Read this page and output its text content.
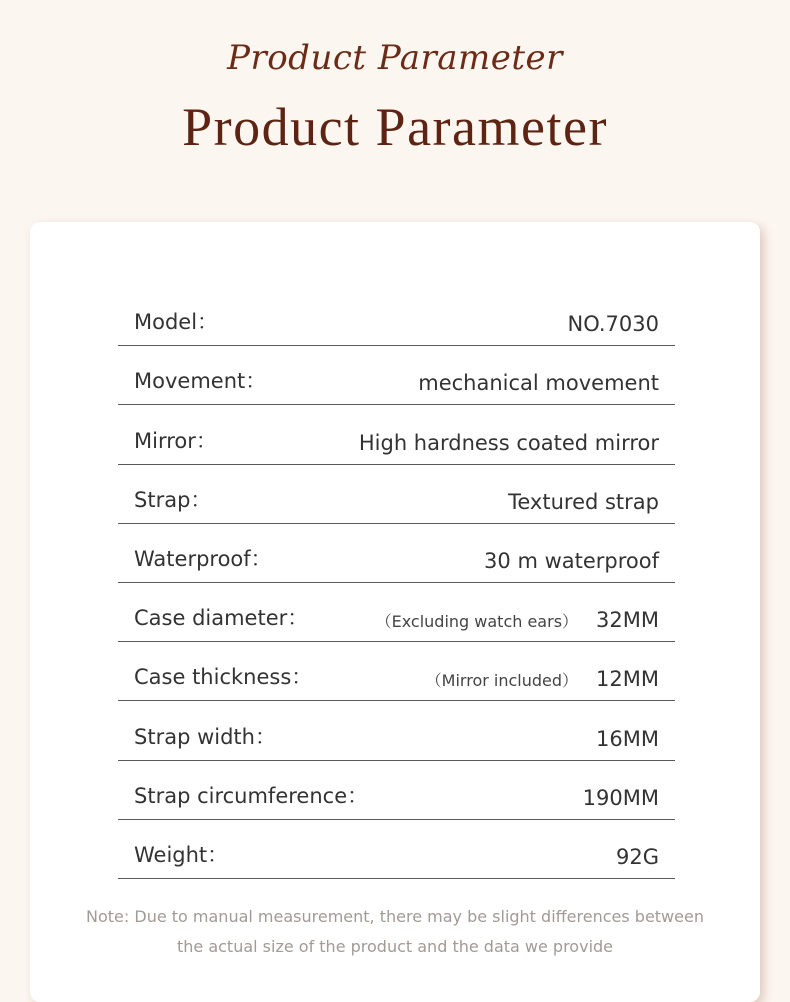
Product Parameter
Product Parameter
Model：	NO.7030
Movement：	mechanical movement
Mirror：	High hardness coated mirror
Strap：	Textured strap
Waterproof：	30 m waterproof
Case diameter：	（Excluding watch ears） 32MM
Case thickness：	（Mirror included） 12MM
Strap width：	16MM
Strap circumference：	190MM
Weight：	92G
Note: Due to manual measurement, there may be slight differences between
the actual size of the product and the data we provide
